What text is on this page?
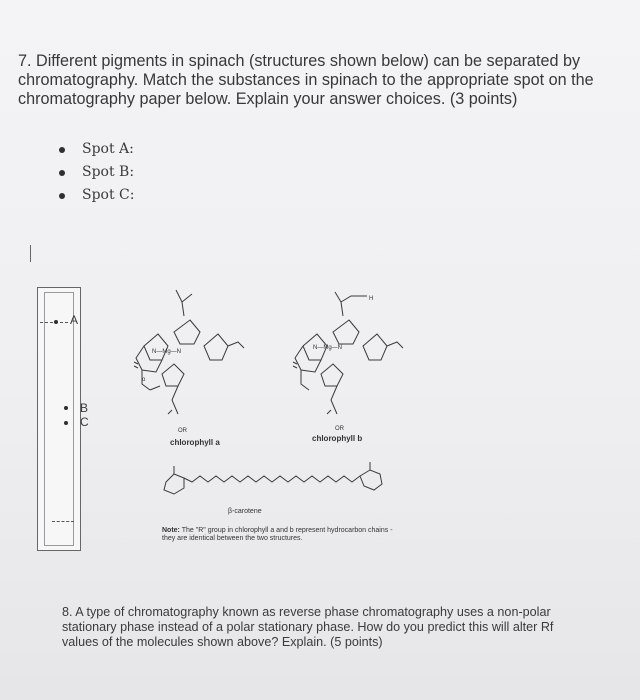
7. Different pigments in spinach (structures shown below) can be separated by chromatography. Match the substances in spinach to the appropriate spot on the chromatography paper below. Explain your answer choices. (3 points)
Spot A:
Spot B:
Spot C:
A
B
C
N—Mg—N
o
OR
chlorophyll a
H
N—Mg—N
OR
chlorophyll b
β-carotene
Note: The "R" group in chlorophyll a and b represent hydrocarbon chains - they are identical between the two structures.
8. A type of chromatography known as reverse phase chromatography uses a non-polar stationary phase instead of a polar stationary phase. How do you predict this will alter Rf values of the molecules shown above? Explain. (5 points)
